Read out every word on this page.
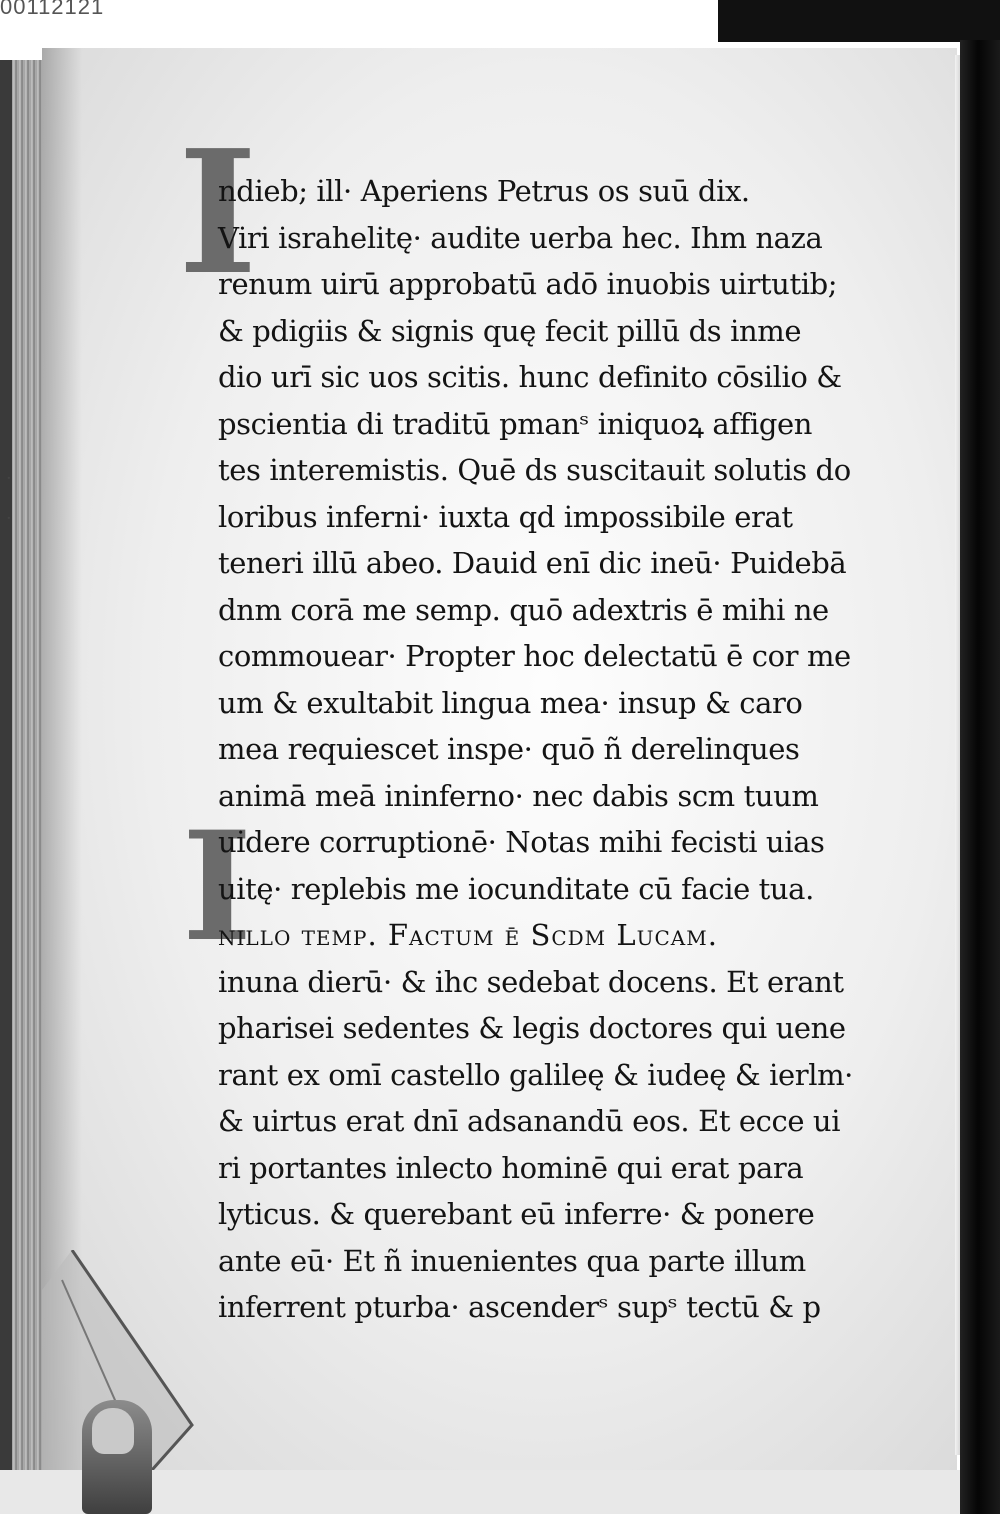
00112121
·
·
I
I
ndieb; ill· Aperiens Petrus os suū dix.
Viri israhelitę· audite uerba hec. Ihm naza
renum uirū approbatū adō inuobis uirtutib;
& pdigiis & signis quę fecit pillū ds inme
dio urī sic uos scitis. hunc definito cōsilio &
pscientia di traditū pmanˢ iniquoꝝ affigen
tes interemistis. Quē ds suscitauit solutis do
loribus inferni· iuxta qd impossibile erat
teneri illū abeo. Dauid enī dic ineū· Puidebā
dnm corā me semp. quō adextris ē mihi ne
commouear· Propter hoc delectatū ē cor me
um & exultabit lingua mea· insup & caro
mea requiescet inspe· quō ñ derelinques
animā meā ininferno· nec dabis scm tuum
uidere corruptionē· Notas mihi fecisti uias
uitę· replebis me iocunditate cū facie tua.
nillo temp. Factum ē Scdm Lucam.
inuna dierū· & ihc sedebat docens. Et erant
pharisei sedentes & legis doctores qui uene
rant ex omī castello galileę & iudeę & ierlm·
& uirtus erat dnī adsanandū eos. Et ecce ui
ri portantes inlecto hominē qui erat para
lyticus. & querebant eū inferre· & ponere
ante eū· Et ñ inuenientes qua parte illum
inferrent pturba· ascenderˢ supˢ tectū & p
